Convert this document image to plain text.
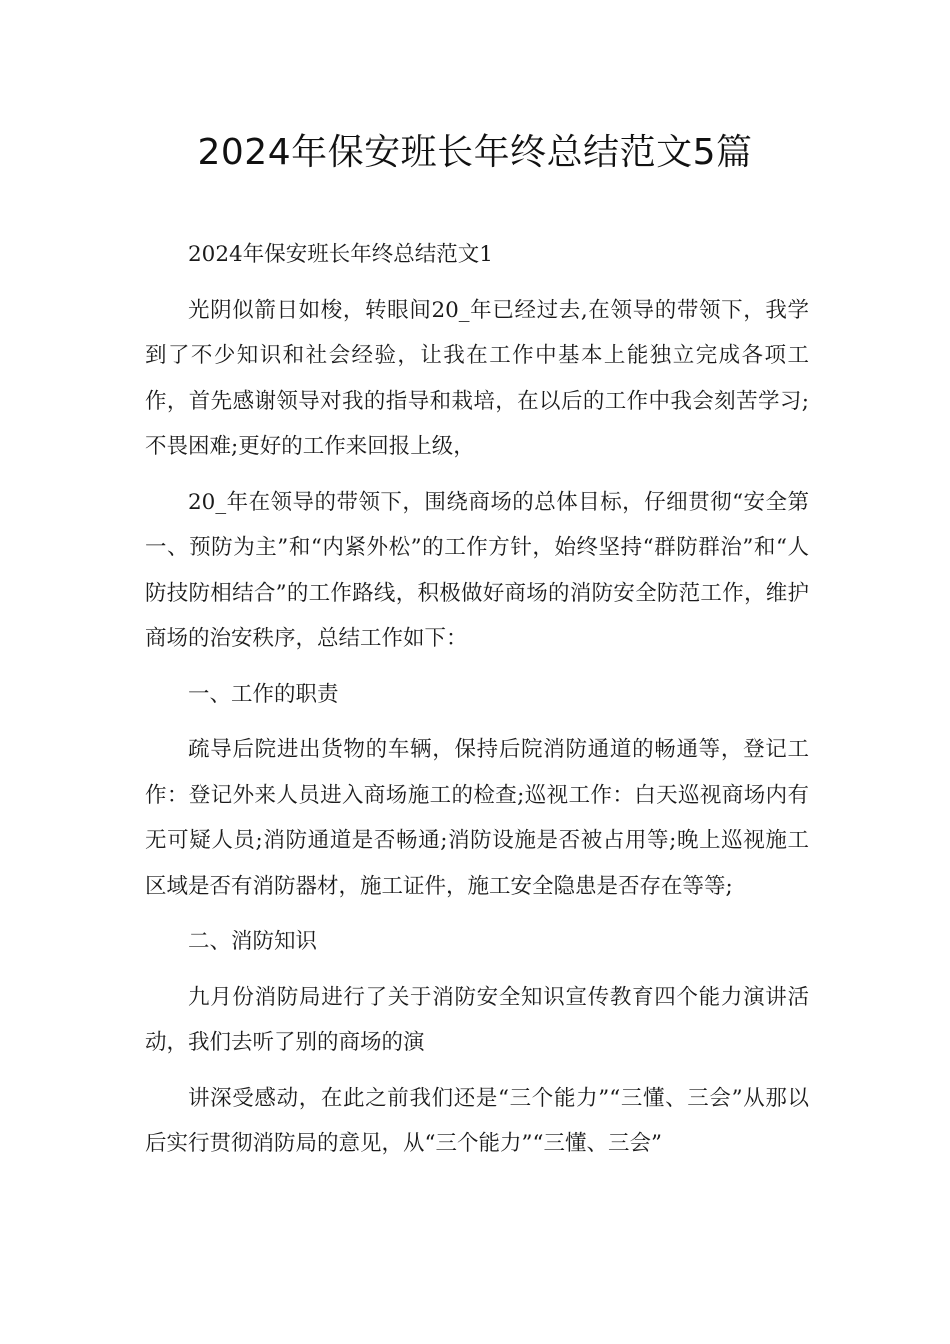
2024年保安班长年终总结范文5篇

2024年保安班长年终总结范文1

光阴似箭日如梭，转眼间20_年已经过去,在领导的带领下，我学到了不少知识和社会经验，让我在工作中基本上能独立完成各项工作，首先感谢领导对我的指导和栽培，在以后的工作中我会刻苦学习;不畏困难;更好的工作来回报上级，

20_年在领导的带领下，围绕商场的总体目标，仔细贯彻“安全第一、预防为主”和“内紧外松”的工作方针，始终坚持“群防群治”和“人防技防相结合”的工作路线，积极做好商场的消防安全防范工作，维护商场的治安秩序，总结工作如下：

一、工作的职责

疏导后院进出货物的车辆，保持后院消防通道的畅通等，登记工作：登记外来人员进入商场施工的检查;巡视工作：白天巡视商场内有无可疑人员;消防通道是否畅通;消防设施是否被占用等;晚上巡视施工区域是否有消防器材，施工证件，施工安全隐患是否存在等等;

二、消防知识

九月份消防局进行了关于消防安全知识宣传教育四个能力演讲活动，我们去听了别的商场的演

讲深受感动，在此之前我们还是“三个能力”“三懂、三会”从那以后实行贯彻消防局的意见，从“三个能力”“三懂、三会”
